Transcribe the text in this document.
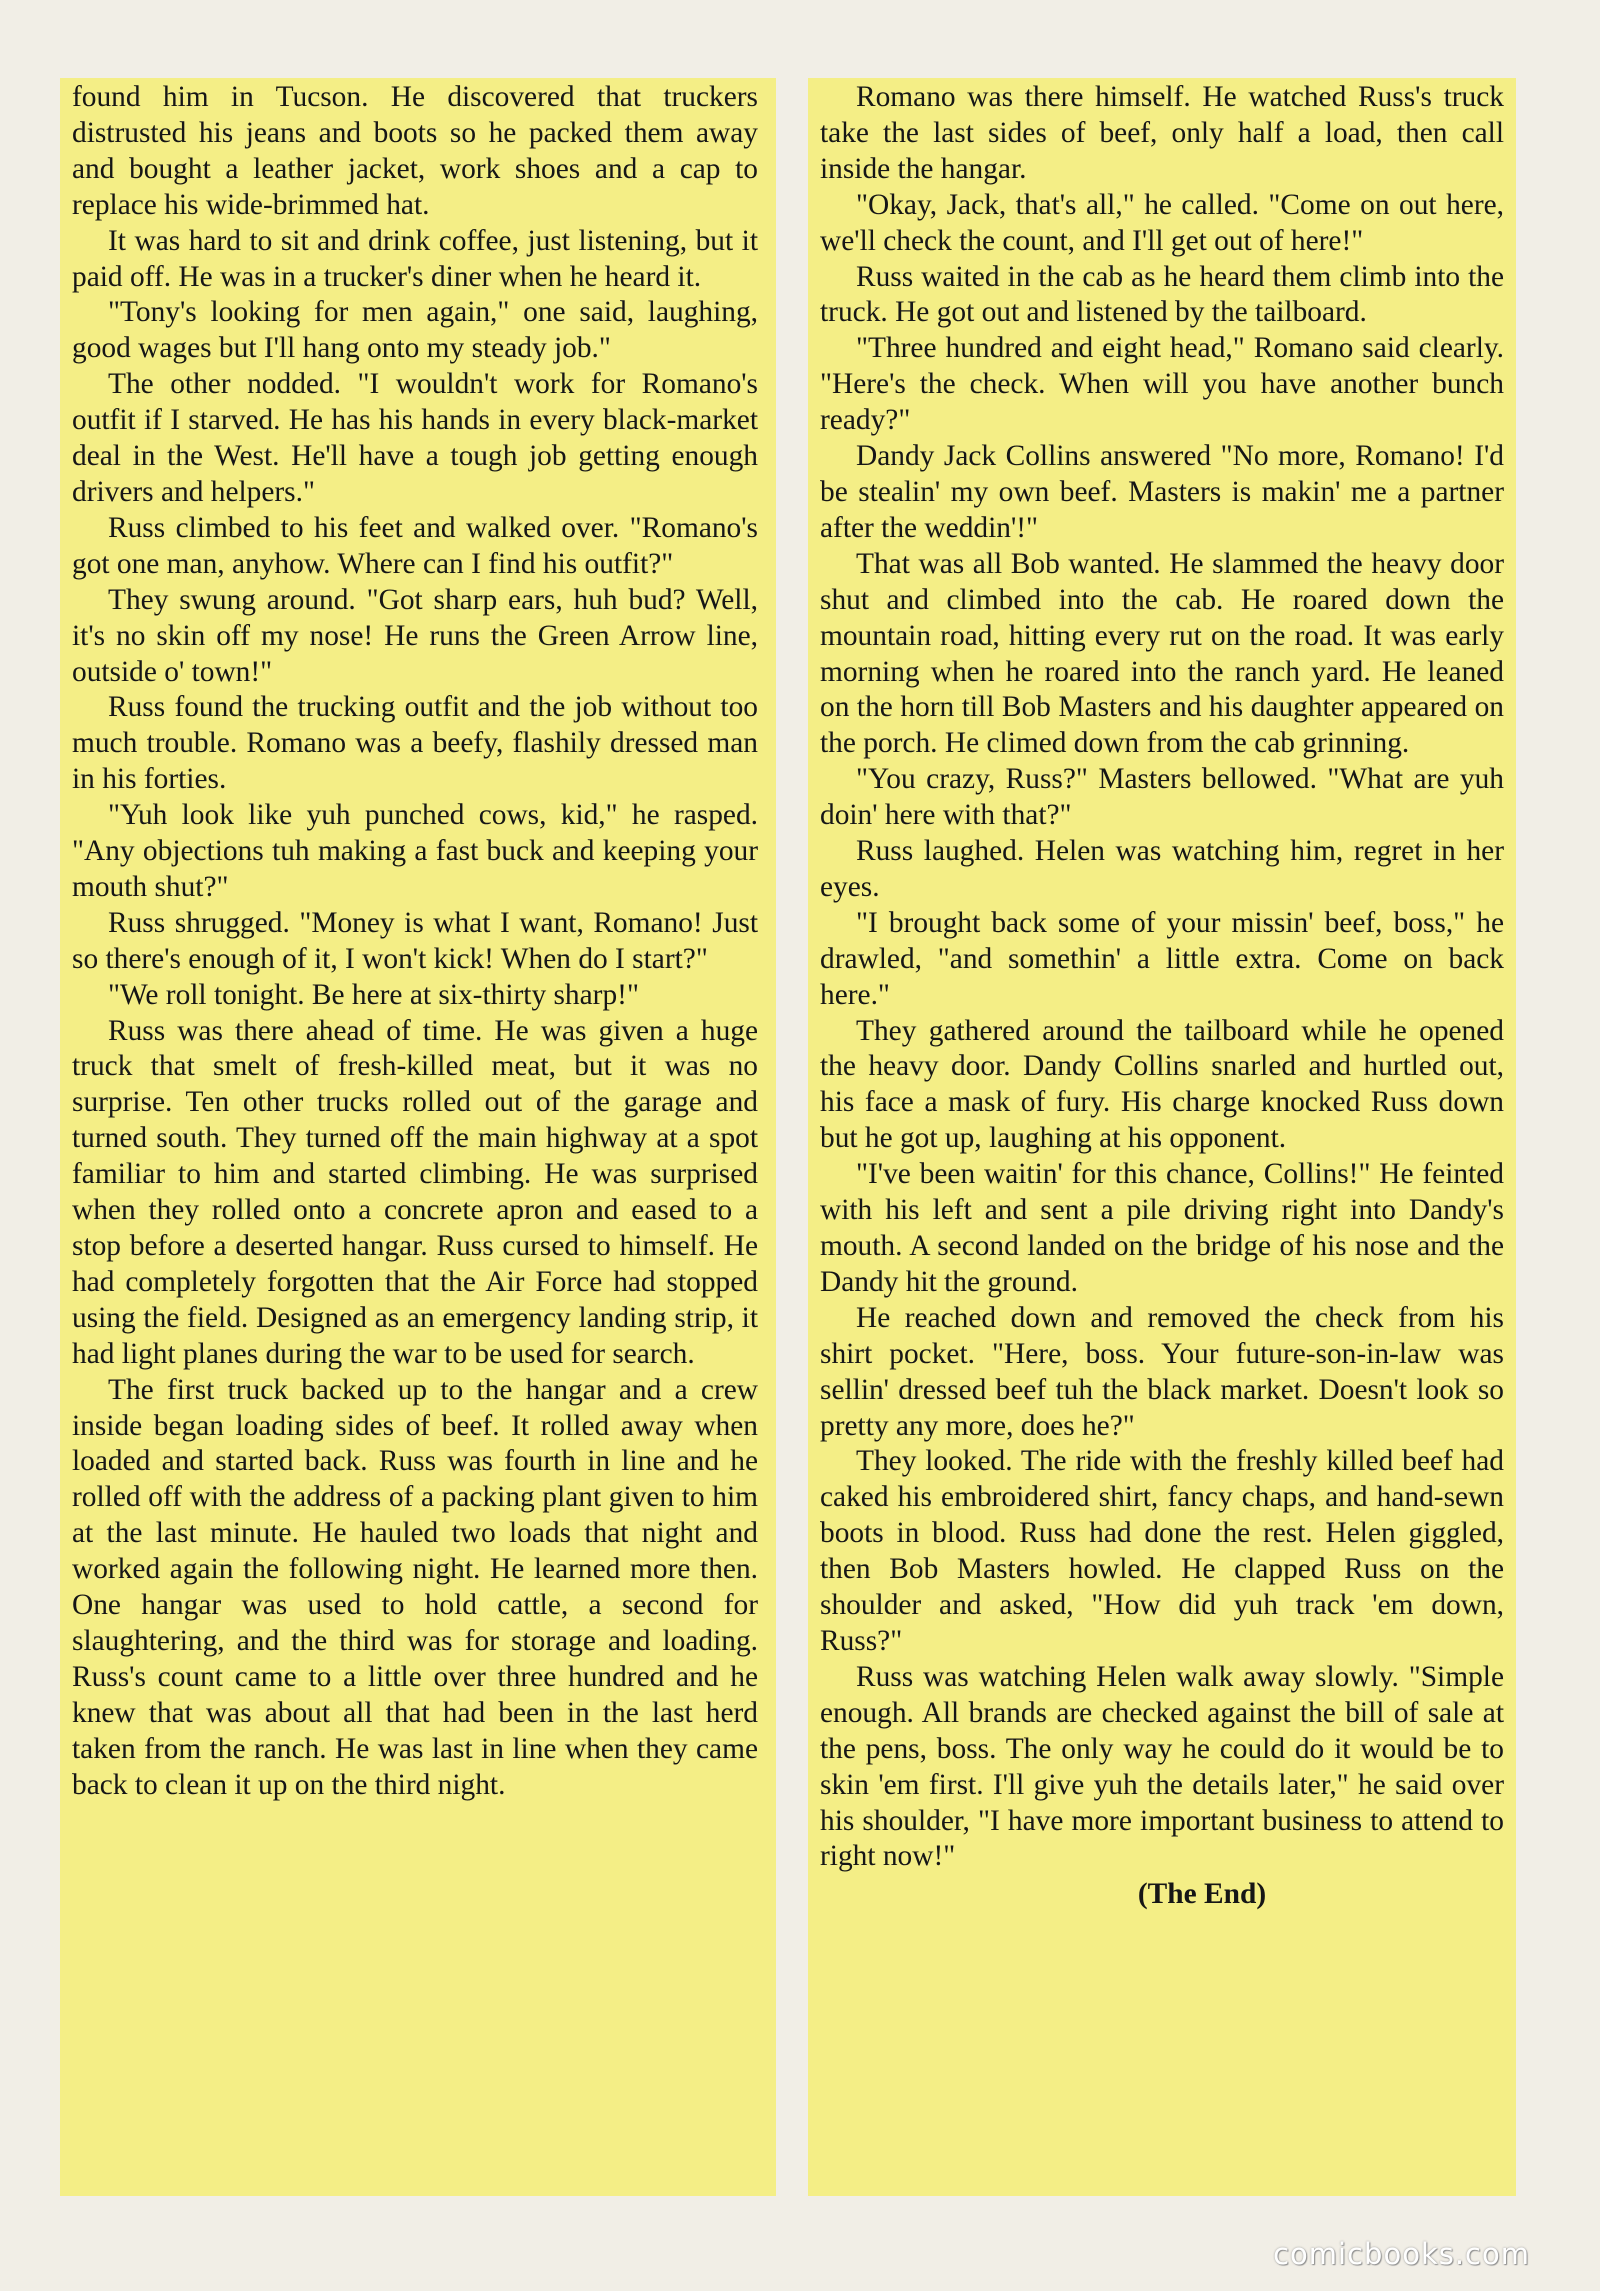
found him in Tucson. He discovered that truckers distrusted his jeans and boots so he packed them away and bought a leather jacket, work shoes and a cap to replace his wide-brimmed hat.

It was hard to sit and drink coffee, just listening, but it paid off. He was in a trucker's diner when he heard it.

"Tony's looking for men again," one said, laughing, good wages but I'll hang onto my steady job."

The other nodded. "I wouldn't work for Romano's outfit if I starved. He has his hands in every black-market deal in the West. He'll have a tough job getting enough drivers and helpers."

Russ climbed to his feet and walked over. "Romano's got one man, anyhow. Where can I find his outfit?"

They swung around. "Got sharp ears, huh bud? Well, it's no skin off my nose! He runs the Green Arrow line, outside o' town!"

Russ found the trucking outfit and the job without too much trouble. Romano was a beefy, flashily dressed man in his forties.

"Yuh look like yuh punched cows, kid," he rasped. "Any objections tuh making a fast buck and keeping your mouth shut?"

Russ shrugged. "Money is what I want, Romano! Just so there's enough of it, I won't kick! When do I start?"

"We roll tonight. Be here at six-thirty sharp!"

Russ was there ahead of time. He was given a huge truck that smelt of fresh-killed meat, but it was no surprise. Ten other trucks rolled out of the garage and turned south. They turned off the main highway at a spot familiar to him and started climbing. He was surprised when they rolled onto a concrete apron and eased to a stop before a deserted hangar. Russ cursed to himself. He had completely forgotten that the Air Force had stopped using the field. Designed as an emergency landing strip, it had light planes during the war to be used for search.

The first truck backed up to the hangar and a crew inside began loading sides of beef. It rolled away when loaded and started back. Russ was fourth in line and he rolled off with the address of a packing plant given to him at the last minute. He hauled two loads that night and worked again the following night. He learned more then. One hangar was used to hold cattle, a second for slaughtering, and the third was for storage and loading. Russ's count came to a little over three hundred and he knew that was about all that had been in the last herd taken from the ranch. He was last in line when they came back to clean it up on the third night.

Romano was there himself. He watched Russ's truck take the last sides of beef, only half a load, then call inside the hangar.

"Okay, Jack, that's all," he called. "Come on out here, we'll check the count, and I'll get out of here!"

Russ waited in the cab as he heard them climb into the truck. He got out and listened by the tailboard.

"Three hundred and eight head," Romano said clearly. "Here's the check. When will you have another bunch ready?"

Dandy Jack Collins answered "No more, Romano! I'd be stealin' my own beef. Masters is makin' me a partner after the weddin'!"

That was all Bob wanted. He slammed the heavy door shut and climbed into the cab. He roared down the mountain road, hitting every rut on the road. It was early morning when he roared into the ranch yard. He leaned on the horn till Bob Masters and his daughter appeared on the porch. He climed down from the cab grinning.

"You crazy, Russ?" Masters bellowed. "What are yuh doin' here with that?"

Russ laughed. Helen was watching him, regret in her eyes.

"I brought back some of your missin' beef, boss," he drawled, "and somethin' a little extra. Come on back here."

They gathered around the tailboard while he opened the heavy door. Dandy Collins snarled and hurtled out, his face a mask of fury. His charge knocked Russ down but he got up, laughing at his opponent.

"I've been waitin' for this chance, Collins!" He feinted with his left and sent a pile driving right into Dandy's mouth. A second landed on the bridge of his nose and the Dandy hit the ground.

He reached down and removed the check from his shirt pocket. "Here, boss. Your future-son-in-law was sellin' dressed beef tuh the black market. Doesn't look so pretty any more, does he?"

They looked. The ride with the freshly killed beef had caked his embroidered shirt, fancy chaps, and hand-sewn boots in blood. Russ had done the rest. Helen giggled, then Bob Masters howled. He clapped Russ on the shoulder and asked, "How did yuh track 'em down, Russ?"

Russ was watching Helen walk away slowly. "Simple enough. All brands are checked against the bill of sale at the pens, boss. The only way he could do it would be to skin 'em first. I'll give yuh the details later," he said over his shoulder, "I have more important business to attend to right now!"

(The End)

comicbooks.com
